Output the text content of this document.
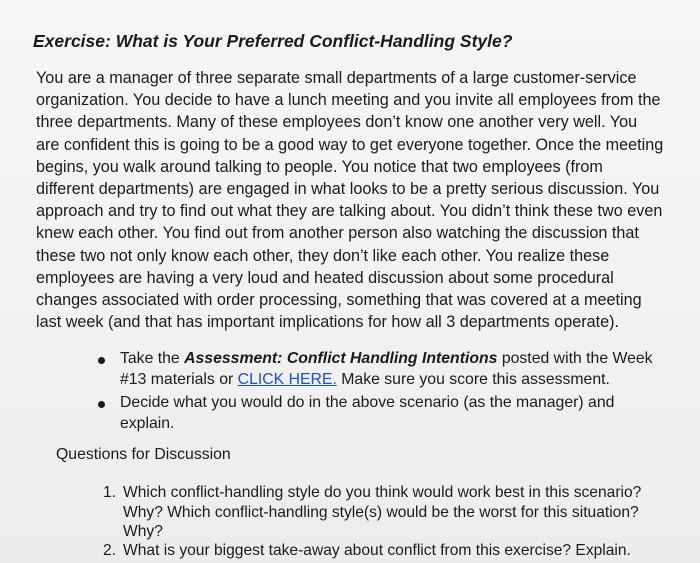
Exercise: What is Your Preferred Conflict-Handling Style?
You are a manager of three separate small departments of a large customer-service
organization. You decide to have a lunch meeting and you invite all employees from the
three departments. Many of these employees don’t know one another very well. You
are confident this is going to be a good way to get everyone together. Once the meeting
begins, you walk around talking to people. You notice that two employees (from
different departments) are engaged in what looks to be a pretty serious discussion. You
approach and try to find out what they are talking about. You didn’t think these two even
knew each other. You find out from another person also watching the discussion that
these two not only know each other, they don’t like each other. You realize these
employees are having a very loud and heated discussion about some procedural
changes associated with order processing, something that was covered at a meeting
last week (and that has important implications for how all 3 departments operate).
Take the Assessment: Conflict Handling Intentions posted with the Week
#13 materials or CLICK HERE. Make sure you score this assessment.
Decide what you would do in the above scenario (as the manager) and
explain.
Questions for Discussion
1. Which conflict-handling style do you think would work best in this scenario?
Why? Which conflict-handling style(s) would be the worst for this situation?
Why?
2. What is your biggest take-away about conflict from this exercise? Explain.
